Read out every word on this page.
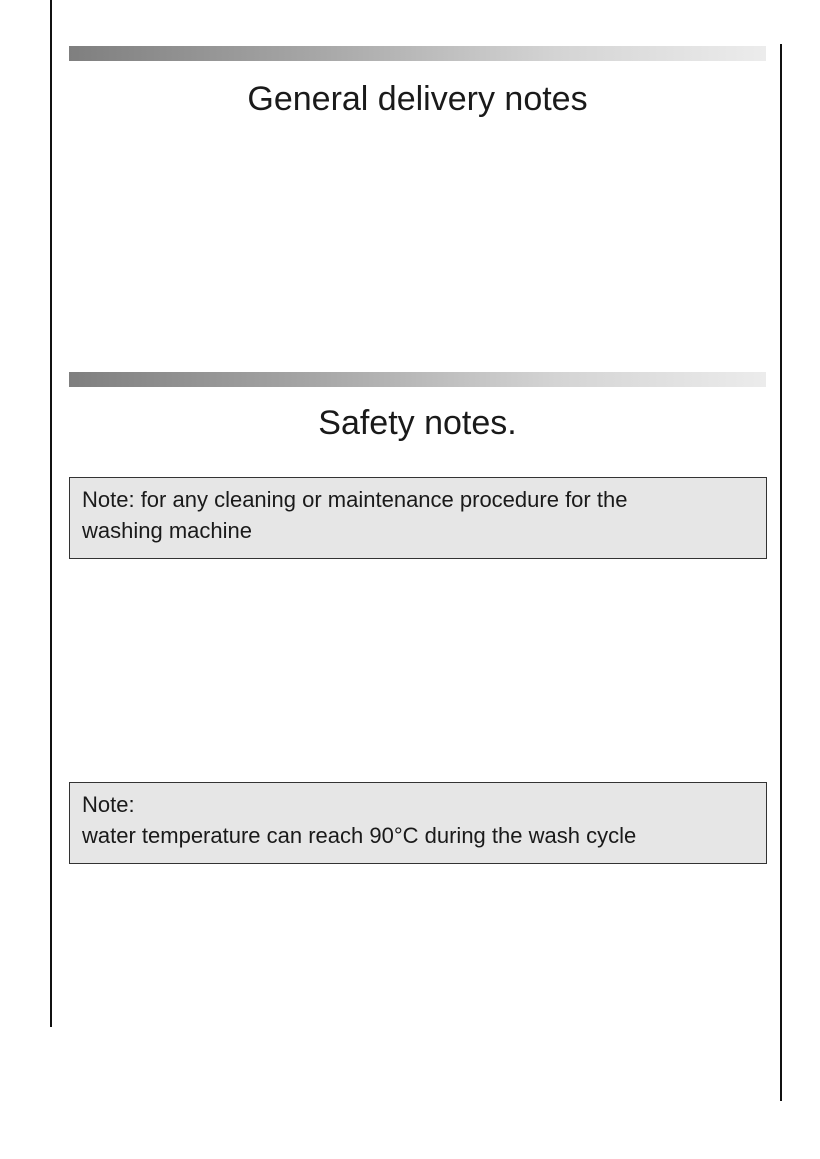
General delivery notes
Safety notes.
Note: for any cleaning or maintenance procedure for the
washing machine
Note:
water temperature can reach 90°C during the wash cycle
